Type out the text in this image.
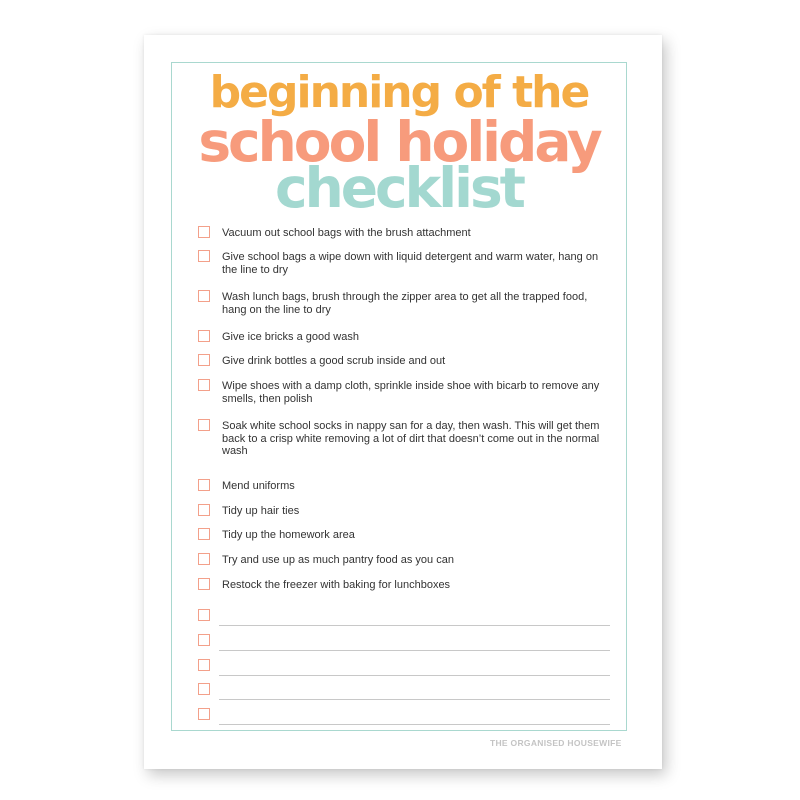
beginning of the
school holiday
checklist
Vacuum out school bags with the brush attachment
Give school bags a wipe down with liquid detergent and warm water, hang on the line to dry
Wash lunch bags, brush through the zipper area to get all the trapped food, hang on the line to dry
Give ice bricks a good wash
Give drink bottles a good scrub inside and out
Wipe shoes with a damp cloth, sprinkle inside shoe with bicarb to remove any smells, then polish
Soak white school socks in nappy san for a day, then wash. This will get them back to a crisp white removing a lot of dirt that doesn’t come out in the normal wash
Mend uniforms
Tidy up hair ties
Tidy up the homework area
Try and use up as much pantry food as you can
Restock the freezer with baking for lunchboxes
THE ORGANISED HOUSEWIFE
